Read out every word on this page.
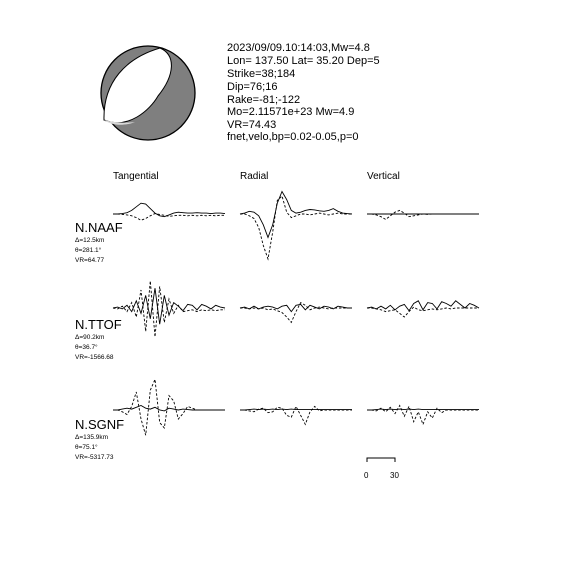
2023/09/09.10:14:03,Mw=4.8
Lon= 137.50 Lat= 35.20 Dep=5
Strike=38;184
Dip=76;16
Rake=-81;-122
Mo=2.11571e+23 Mw=4.9
VR=74.43
fnet,velo,bp=0.02-0.05,p=0
Tangential	Radial	Vertical
N.NAAF
Δ=12.5km
θ=281.1°
VR=64.77
N.TTOF
Δ=90.2km
θ=36.7°
VR=-1566.68
N.SGNF
Δ=135.9km
θ=75.1°
VR=-5317.73
0	30
